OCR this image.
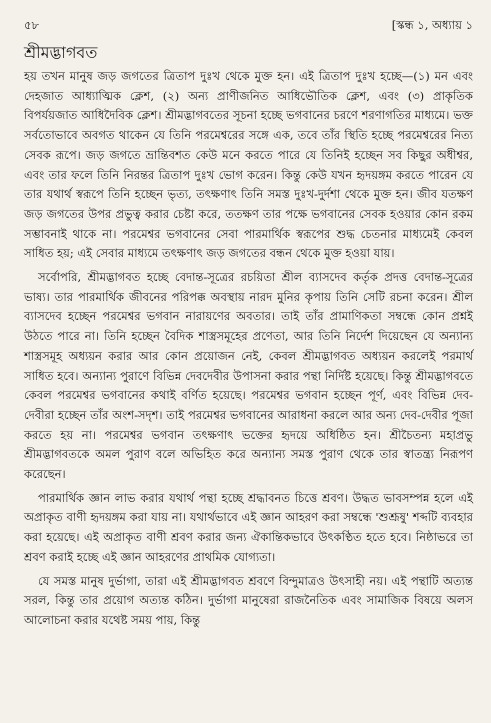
৫৮	[স্কন্ধ ১, অধ্যায় ১
শ্রীমদ্ভাগবত

হয় তখন মানুষ জড় জগতের ত্রিতাপ দুঃখ থেকে মুক্ত হন। এই ত্রিতাপ দুঃখ হচ্ছে—(১) মন এবং দেহজাত আধ্যাত্মিক ক্লেশ, (২) অন্য প্রাণীজনিত আধিভৌতিক ক্লেশ, এবং (৩) প্রাকৃতিক বিপর্যয়জাত আধিদৈবিক ক্লেশ। শ্রীমদ্ভাগবতের সূচনা হচ্ছে ভগবানের চরণে শরণাগতির মাধ্যমে। ভক্ত সর্বতোভাবে অবগত থাকেন যে তিনি পরমেশ্বরের সঙ্গে এক, তবে তাঁর স্থিতি হচ্ছে পরমেশ্বরের নিত্য সেবক রূপে। জড় জগতে ভ্রান্তিবশত কেউ মনে করতে পারে যে তিনিই হচ্ছেন সব কিছুর অধীশ্বর, এবং তার ফলে তিনি নিরন্তর ত্রিতাপ দুঃখ ভোগ করেন। কিন্তু কেউ যখন হৃদয়ঙ্গম করতে পারেন যে তার যথার্থ স্বরূপে তিনি হচ্ছেন ভৃত্য, তৎক্ষণাৎ তিনি সমস্ত দুঃখ-দুর্দশা থেকে মুক্ত হন। জীব যতক্ষণ জড় জগতের উপর প্রভুত্ব করার চেষ্টা করে, ততক্ষণ তার পক্ষে ভগবানের সেবক হওয়ার কোন রকম সম্ভাবনাই থাকে না। পরমেশ্বর ভগবানের সেবা পারমার্থিক স্বরূপের শুদ্ধ চেতনার মাধ্যমেই কেবল সাধিত হয়; এই সেবার মাধ্যমে তৎক্ষণাৎ জড় জগতের বন্ধন থেকে মুক্ত হওয়া যায়।

সর্বোপরি, শ্রীমদ্ভাগবত হচ্ছে বেদান্ত-সূত্রের রচয়িতা শ্রীল ব্যাসদেব কর্তৃক প্রদত্ত বেদান্ত-সূত্রের ভাষ্য। তার পারমার্থিক জীবনের পরিপক্ক অবস্থায় নারদ মুনির কৃপায় তিনি সেটি রচনা করেন। শ্রীল ব্যাসদেব হচ্ছেন পরমেশ্বর ভগবান নারায়ণের অবতার। তাই তাঁর প্রামাণিকতা সম্বন্ধে কোন প্রশ্নই উঠতে পারে না। তিনি হচ্ছেন বৈদিক শাস্ত্রসমূহের প্রণেতা, আর তিনি নির্দেশ দিয়েছেন যে অন্যান্য শাস্ত্রসমূহ অধ্যয়ন করার আর কোন প্রয়োজন নেই, কেবল শ্রীমদ্ভাগবত অধ্যয়ন করলেই পরমার্থ সাধিত হবে। অন্যান্য পুরাণে বিভিন্ন দেবদেবীর উপাসনা করার পন্থা নির্দিষ্ট হয়েছে। কিন্তু শ্রীমদ্ভাগবতে কেবল পরমেশ্বর ভগবানের কথাই বর্ণিত হয়েছে। পরমেশ্বর ভগবান হচ্ছেন পূর্ণ, এবং বিভিন্ন দেব-দেবীরা হচ্ছেন তাঁর অংশ-সদৃশ। তাই পরমেশ্বর ভগবানের আরাধনা করলে আর অন্য দেব-দেবীর পূজা করতে হয় না। পরমেশ্বর ভগবান তৎক্ষণাৎ ভক্তের হৃদয়ে অধিষ্ঠিত হন। শ্রীচৈতন্য মহাপ্রভু শ্রীমদ্ভাগবতকে অমল পুরাণ বলে অভিহিত করে অন্যান্য সমস্ত পুরাণ থেকে তার স্বাতন্ত্র্য নিরূপণ করেছেন।

পারমার্থিক জ্ঞান লাভ করার যথার্থ পন্থা হচ্ছে শ্রদ্ধাবনত চিত্তে শ্রবণ। উদ্ধত ভাবসম্পন্ন হলে এই অপ্রাকৃত বাণী হৃদয়ঙ্গম করা যায় না। যথার্থভাবে এই জ্ঞান আহরণ করা সম্বন্ধে 'শুশ্রূষু' শব্দটি ব্যবহার করা হয়েছে। এই অপ্রাকৃত বাণী শ্রবণ করার জন্য ঐকান্তিকভাবে উৎকণ্ঠিত হতে হবে। নিষ্ঠাভরে তা শ্রবণ করাই হচ্ছে এই জ্ঞান আহরণের প্রাথমিক যোগ্যতা।

যে সমস্ত মানুষ দুর্ভাগা, তারা এই শ্রীমদ্ভাগবত শ্রবণে বিন্দুমাত্রও উৎসাহী নয়। এই পন্থাটি অত্যন্ত সরল, কিন্তু তার প্রয়োগ অত্যন্ত কঠিন। দুর্ভাগা মানুষেরা রাজনৈতিক এবং সামাজিক বিষয়ে অলস আলোচনা করার যথেষ্ট সময় পায়, কিন্তু
